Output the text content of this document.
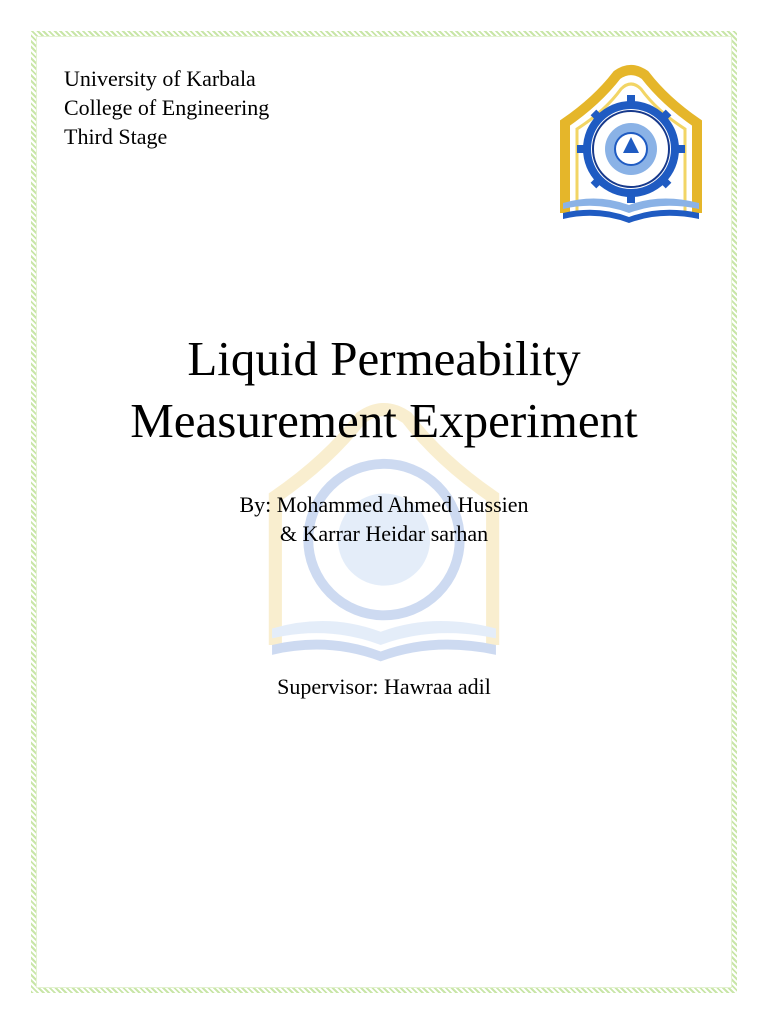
University of Karbala
College of Engineering
Third Stage
Liquid Permeability
Measurement Experiment
By: Mohammed Ahmed Hussien
& Karrar Heidar sarhan
Supervisor: Hawraa adil
